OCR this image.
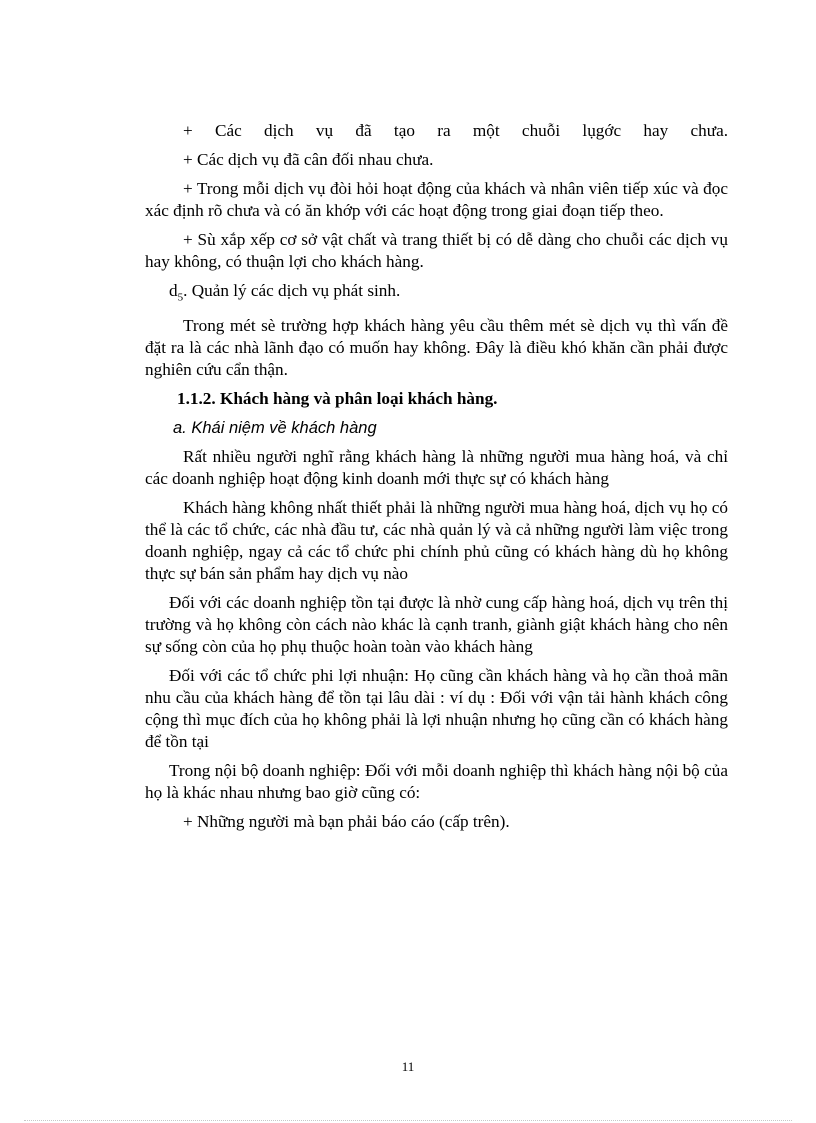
+ Các dịch vụ đã tạo ra một chuỗi lụgớc hay chưa.

+ Các dịch vụ đã cân đối nhau chưa.

+ Trong mỗi dịch vụ đòi hỏi hoạt động của khách và nhân viên tiếp xúc và đọc xác định rõ chưa và có ăn khớp với các hoạt động trong giai đoạn tiếp theo.

+ Sù xắp xếp cơ sở vật chất và trang thiết bị có dễ dàng cho chuỗi các dịch vụ hay không, có thuận lợi cho khách hàng.

$d_5$. Quản lý các dịch vụ phát sinh.

Trong mét sè trường hợp khách hàng yêu cầu thêm mét sè dịch vụ thì vấn đề đặt ra là các nhà lãnh đạo có muốn hay không. Đây là điều khó khăn cần phải được nghiên cứu cẩn thận.

1.1.2. Khách hàng và phân loại khách hàng.

a. Khái niệm về khách hàng

Rất nhiều người nghĩ rằng khách hàng là những người mua hàng hoá, và chỉ các doanh nghiệp hoạt động kinh doanh mới thực sự có khách hàng

Khách hàng không nhất thiết phải là những người mua hàng hoá, dịch vụ họ có thể là các tổ chức, các nhà đầu tư, các nhà quản lý và cả những người làm việc trong doanh nghiệp, ngay cả các tổ chức phi chính phủ cũng có khách hàng dù họ không thực sự bán sản phẩm hay dịch vụ nào

Đối với các doanh nghiệp tồn tại được là nhờ cung cấp hàng hoá, dịch vụ trên thị trường và họ không còn cách nào khác là cạnh tranh, giành giật khách hàng cho nên sự sống còn của họ phụ thuộc hoàn toàn vào khách hàng

Đối với các tổ chức phi lợi nhuận: Họ cũng cần khách hàng và họ cần thoả mãn nhu cầu của khách hàng để tồn tại lâu dài : ví dụ : Đối với vận tải hành khách công cộng thì mục đích của họ không phải là lợi nhuận nhưng họ cũng cần có khách hàng để tồn tại

Trong nội bộ doanh nghiệp: Đối với mỗi doanh nghiệp thì khách hàng nội bộ của họ là khác nhau nhưng bao giờ cũng có:

+ Những người mà bạn phải báo cáo (cấp trên).

11
